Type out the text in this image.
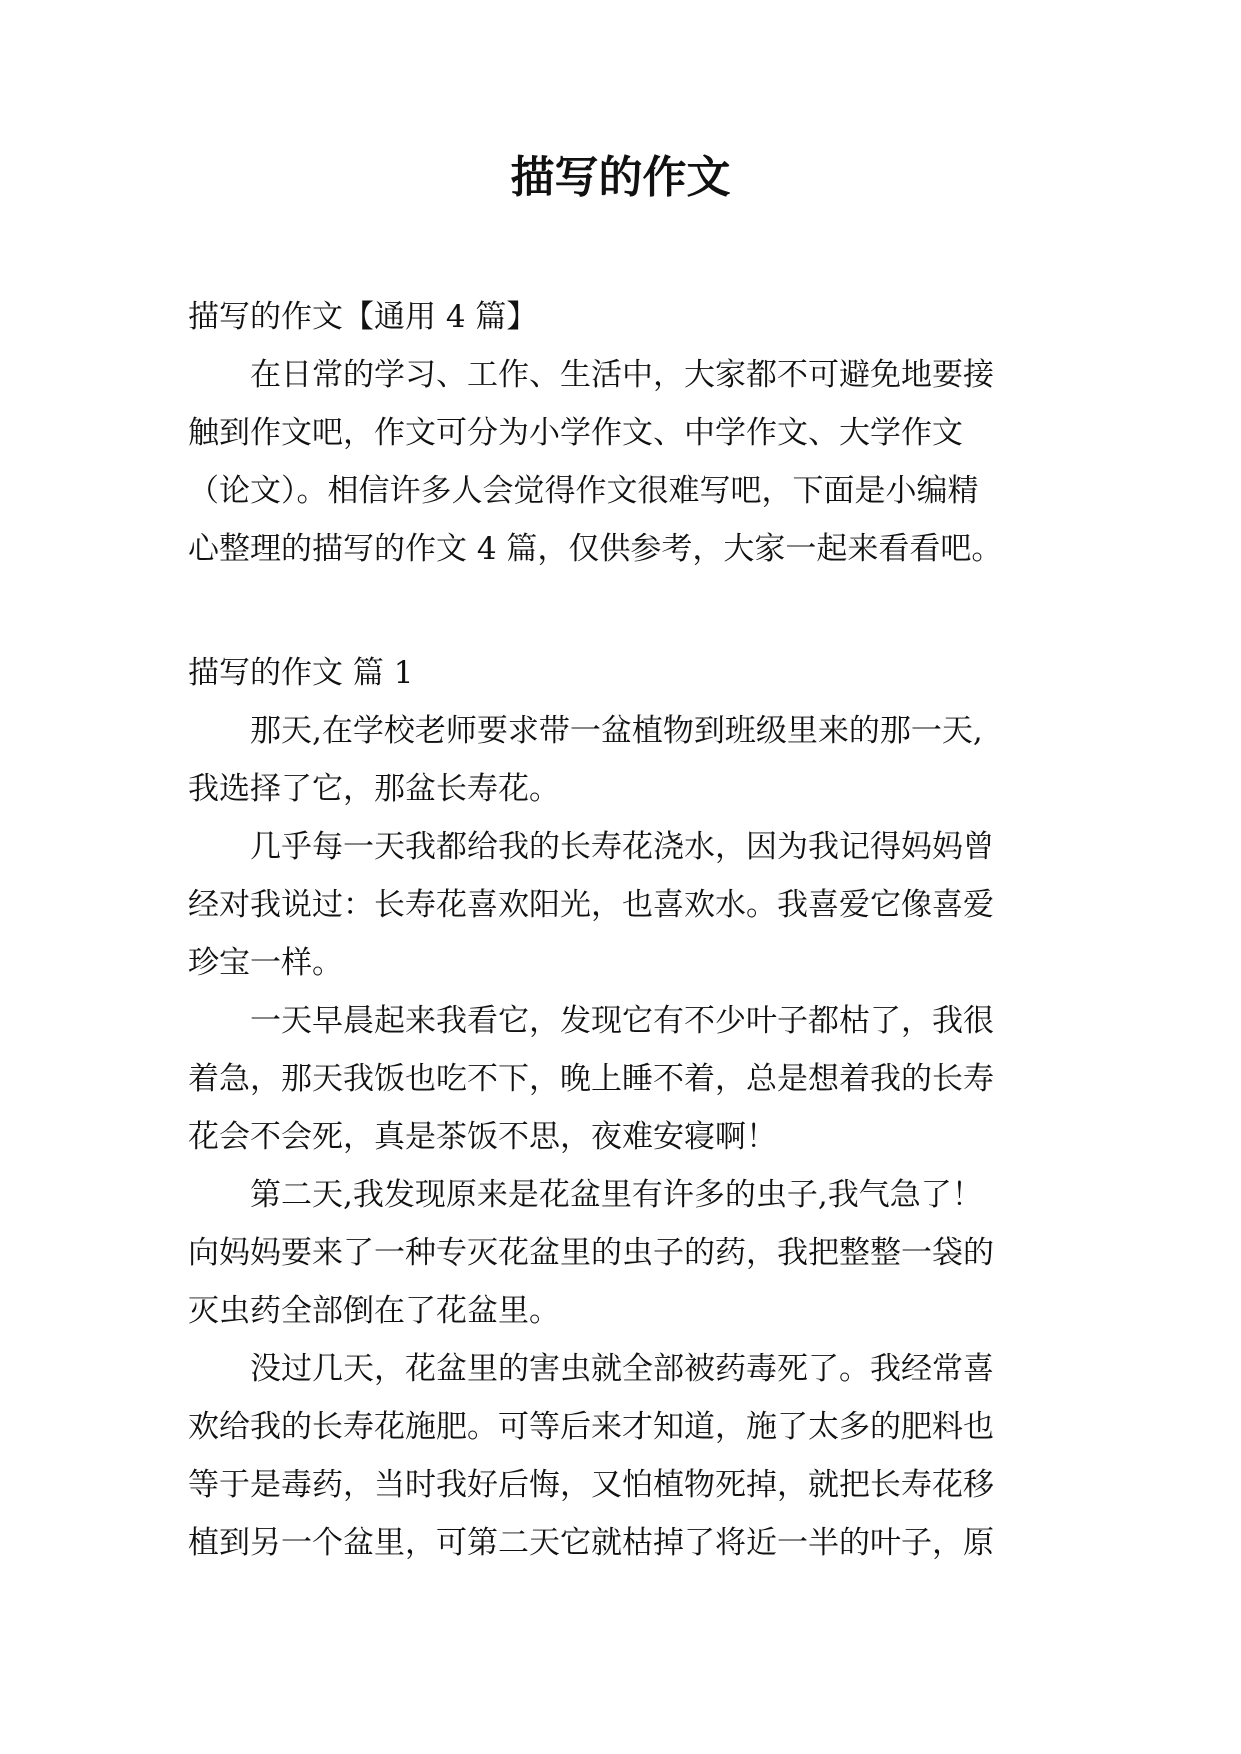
描写的作文
描写的作文【通用 4 篇】
　　在日常的学习、工作、生活中，大家都不可避免地要接
触到作文吧，作文可分为小学作文、中学作文、大学作文
（论文）。相信许多人会觉得作文很难写吧，下面是小编精
心整理的描写的作文 4 篇，仅供参考，大家一起来看看吧。
描写的作文 篇 1
　　那天,在学校老师要求带一盆植物到班级里来的那一天,
我选择了它，那盆长寿花。
　　几乎每一天我都给我的长寿花浇水，因为我记得妈妈曾
经对我说过：长寿花喜欢阳光，也喜欢水。我喜爱它像喜爱
珍宝一样。
　　一天早晨起来我看它，发现它有不少叶子都枯了，我很
着急，那天我饭也吃不下，晚上睡不着，总是想着我的长寿
花会不会死，真是茶饭不思，夜难安寝啊！
　　第二天,我发现原来是花盆里有许多的虫子,我气急了！
向妈妈要来了一种专灭花盆里的虫子的药，我把整整一袋的
灭虫药全部倒在了花盆里。
　　没过几天，花盆里的害虫就全部被药毒死了。我经常喜
欢给我的长寿花施肥。可等后来才知道，施了太多的肥料也
等于是毒药，当时我好后悔，又怕植物死掉，就把长寿花移
植到另一个盆里，可第二天它就枯掉了将近一半的叶子，原
